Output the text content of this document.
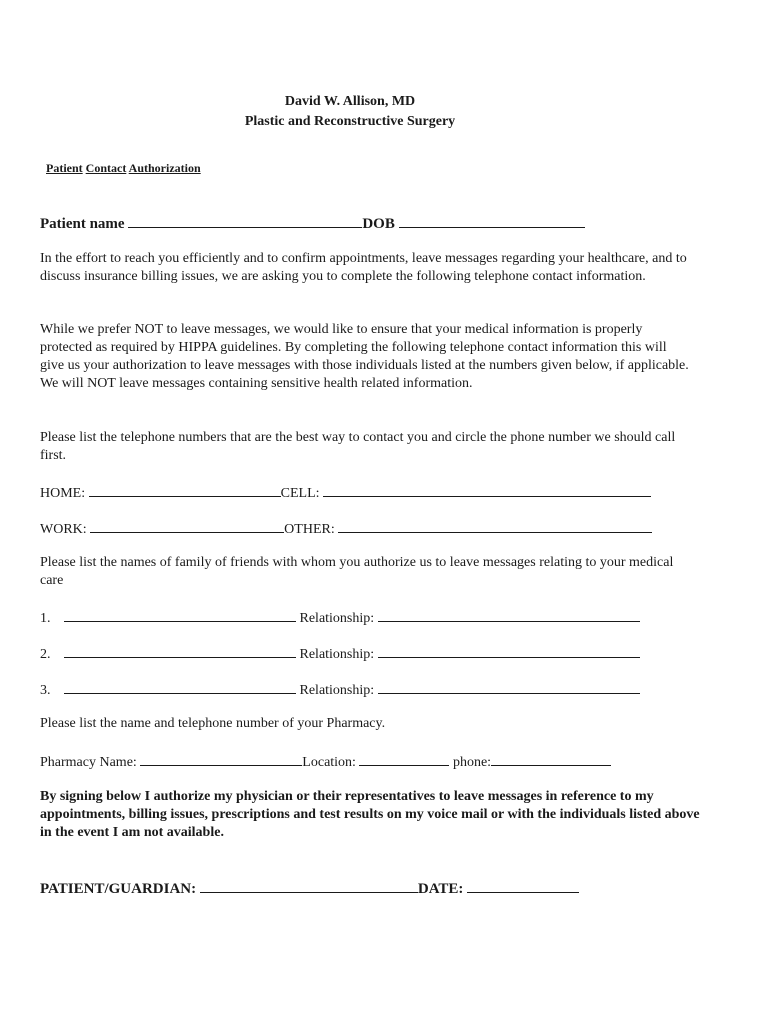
David W. Allison, MD
Plastic and Reconstructive Surgery
Patient Contact Authorization
Patient name	DOB
In the effort to reach you efficiently and to confirm appointments, leave messages regarding your healthcare, and to discuss insurance billing issues, we are asking you to complete the following telephone contact information.
While we prefer NOT to leave messages, we would like to ensure that your medical information is properly protected as required by HIPPA guidelines. By completing the following telephone contact information this will give us your authorization to leave messages with those individuals listed at the numbers given below, if applicable. We will NOT leave messages containing sensitive health related information.
Please list the telephone numbers that are the best way to contact you and circle the phone number we should call first.
HOME:	CELL:
WORK:	OTHER:
Please list the names of family of friends with whom you authorize us to leave messages relating to your medical care
1.	Relationship:
2.	Relationship:
3.	Relationship:
Please list the name and telephone number of your Pharmacy.
Pharmacy Name:	Location:	phone:
By signing below I authorize my physician or their representatives to leave messages in reference to my appointments, billing issues, prescriptions and test results on my voice mail or with the individuals listed above in the event I am not available.
PATIENT/GUARDIAN:	DATE:
